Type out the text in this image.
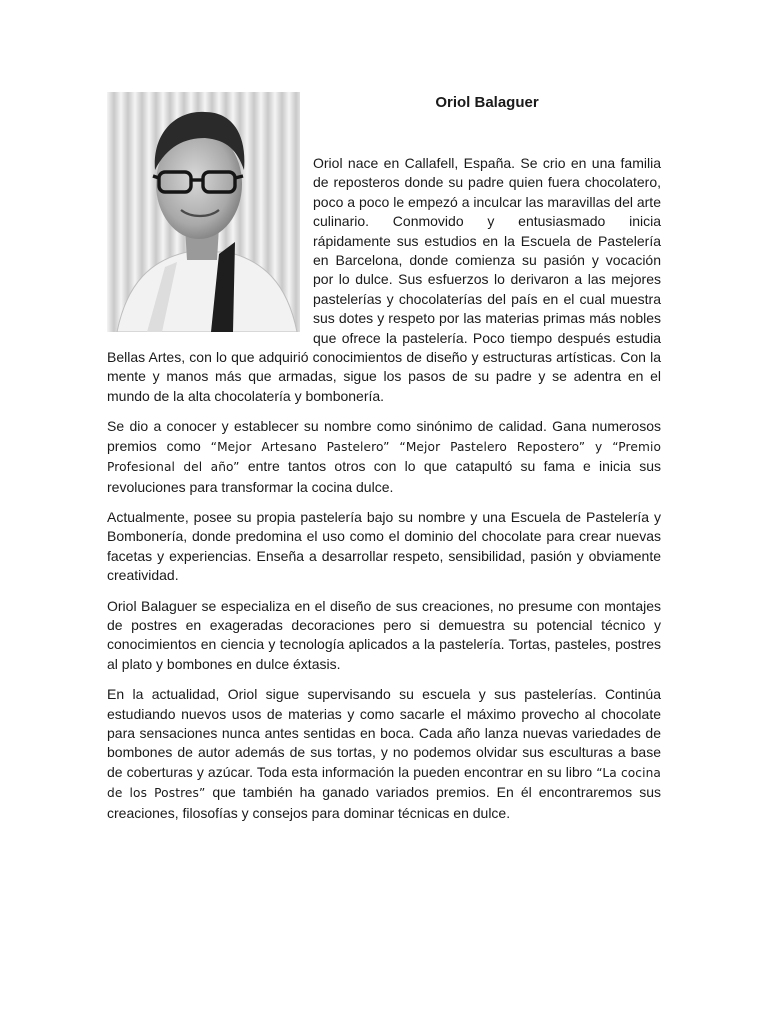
Oriol Balaguer

Oriol nace en Callafell, España. Se crio en una familia de reposteros donde su padre quien fuera chocolatero, poco a poco le empezó a inculcar las maravillas del arte culinario. Conmovido y entusiasmado inicia rápidamente sus estudios en la Escuela de Pastelería en Barcelona, donde comienza su pasión y vocación por lo dulce. Sus esfuerzos lo derivaron a las mejores pastelerías y chocolaterías del país en el cual muestra sus dotes y respeto por las materias primas más nobles que ofrece la pastelería. Poco tiempo después estudia Bellas Artes, con lo que adquirió conocimientos de diseño y estructuras artísticas. Con la mente y manos más que armadas, sigue los pasos de su padre y se adentra en el mundo de la alta chocolatería y bombonería.

Se dio a conocer y establecer su nombre como sinónimo de calidad. Gana numerosos premios como “Mejor Artesano Pastelero” “Mejor Pastelero Repostero” y “Premio Profesional del año” entre tantos otros con lo que catapultó su fama e inicia sus revoluciones para transformar la cocina dulce.

Actualmente, posee su propia pastelería bajo su nombre y una Escuela de Pastelería y Bombonería, donde predomina el uso como el dominio del chocolate para crear nuevas facetas y experiencias. Enseña a desarrollar respeto, sensibilidad, pasión y obviamente creatividad.

Oriol Balaguer se especializa en el diseño de sus creaciones, no presume con montajes de postres en exageradas decoraciones pero si demuestra su potencial técnico y conocimientos en ciencia y tecnología aplicados a la pastelería. Tortas, pasteles, postres al plato y bombones en dulce éxtasis.

En la actualidad, Oriol sigue supervisando su escuela y sus pastelerías. Continúa estudiando nuevos usos de materias y como sacarle el máximo provecho al chocolate para sensaciones nunca antes sentidas en boca. Cada año lanza nuevas variedades de bombones de autor además de sus tortas, y no podemos olvidar sus esculturas a base de coberturas y azúcar. Toda esta información la pueden encontrar en su libro “La cocina de los Postres” que también ha ganado variados premios. En él encontraremos sus creaciones, filosofías y consejos para dominar técnicas en dulce.
